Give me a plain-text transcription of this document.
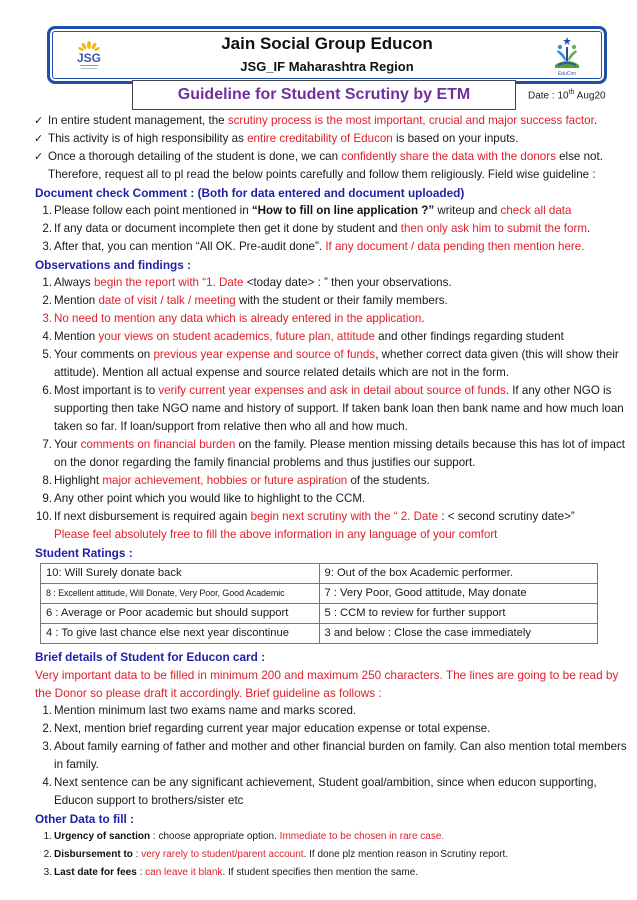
JSG
Jain Social Group Educon
JSG_IF Maharashtra Region	EduCon
Guideline for Student Scrutiny by ETM	Date : 10th Aug20
✓ In entire student management, the scrutiny process is the most important, crucial and major success factor.
✓ This activity is of high responsibility as entire creditability of Educon is based on your inputs.
✓ Once a thorough detailing of the student is done, we can confidently share the data with the donors else not.
Therefore, request all to pl read the below points carefully and follow them religiously. Field wise guideline :
Document check Comment : (Both for data entered and document uploaded)
1. Please follow each point mentioned in “How to fill on line application ?” writeup and check all data
2. If any data or document incomplete then get it done by student and then only ask him to submit the form.
3. After that, you can mention “All OK. Pre-audit done”. If any document / data pending then mention here.
Observations and findings :
1. Always begin the report with “1. Date <today date> : ” then your observations.
2. Mention date of visit / talk / meeting with the student or their family members.
3. No need to mention any data which is already entered in the application.
4. Mention your views on student academics, future plan, attitude and other findings regarding student
5. Your comments on previous year expense and source of funds, whether correct data given (this will show their attitude). Mention all actual expense and source related details which are not in the form.
6. Most important is to verify current year expenses and ask in detail about source of funds. If any other NGO is supporting then take NGO name and history of support. If taken bank loan then bank name and how much loan taken so far. If loan/support from relative then who all and how much.
7. Your comments on financial burden on the family. Please mention missing details because this has lot of impact on the donor regarding the family financial problems and thus justifies our support.
8. Highlight major achievement, hobbies or future aspiration of the students.
9. Any other point which you would like to highlight to the CCM.
10. If next disbursement is required again begin next scrutiny with the “ 2. Date : < second scrutiny date>”
Please feel absolutely free to fill the above information in any language of your comfort
Student Ratings :
10: Will Surely donate back	9: Out of the box Academic performer.
8 : Excellent attitude, Will Donate, Very Poor, Good Academic	7 : Very Poor, Good attitude, May donate
6 : Average or Poor academic but should support	5 : CCM to review for further support
4 : To give last chance else next year discontinue	3 and below : Close the case immediately
Brief details of Student for Educon card :
Very important data to be filled in minimum 200 and maximum 250 characters. The lines are going to be read by the Donor so please draft it accordingly. Brief guideline as follows :
1. Mention minimum last two exams name and marks scored.
2. Next, mention brief regarding current year major education expense or total expense.
3. About family earning of father and mother and other financial burden on family. Can also mention total members in family.
4. Next sentence can be any significant achievement, Student goal/ambition, since when educon supporting, Educon support to brothers/sister etc
Other Data to fill :
1. Urgency of sanction : choose appropriate option. Immediate to be chosen in rare case.
2. Disbursement to : very rarely to student/parent account. If done plz mention reason in Scrutiny report.
3. Last date for fees : can leave it blank. If student specifies then mention the same.
